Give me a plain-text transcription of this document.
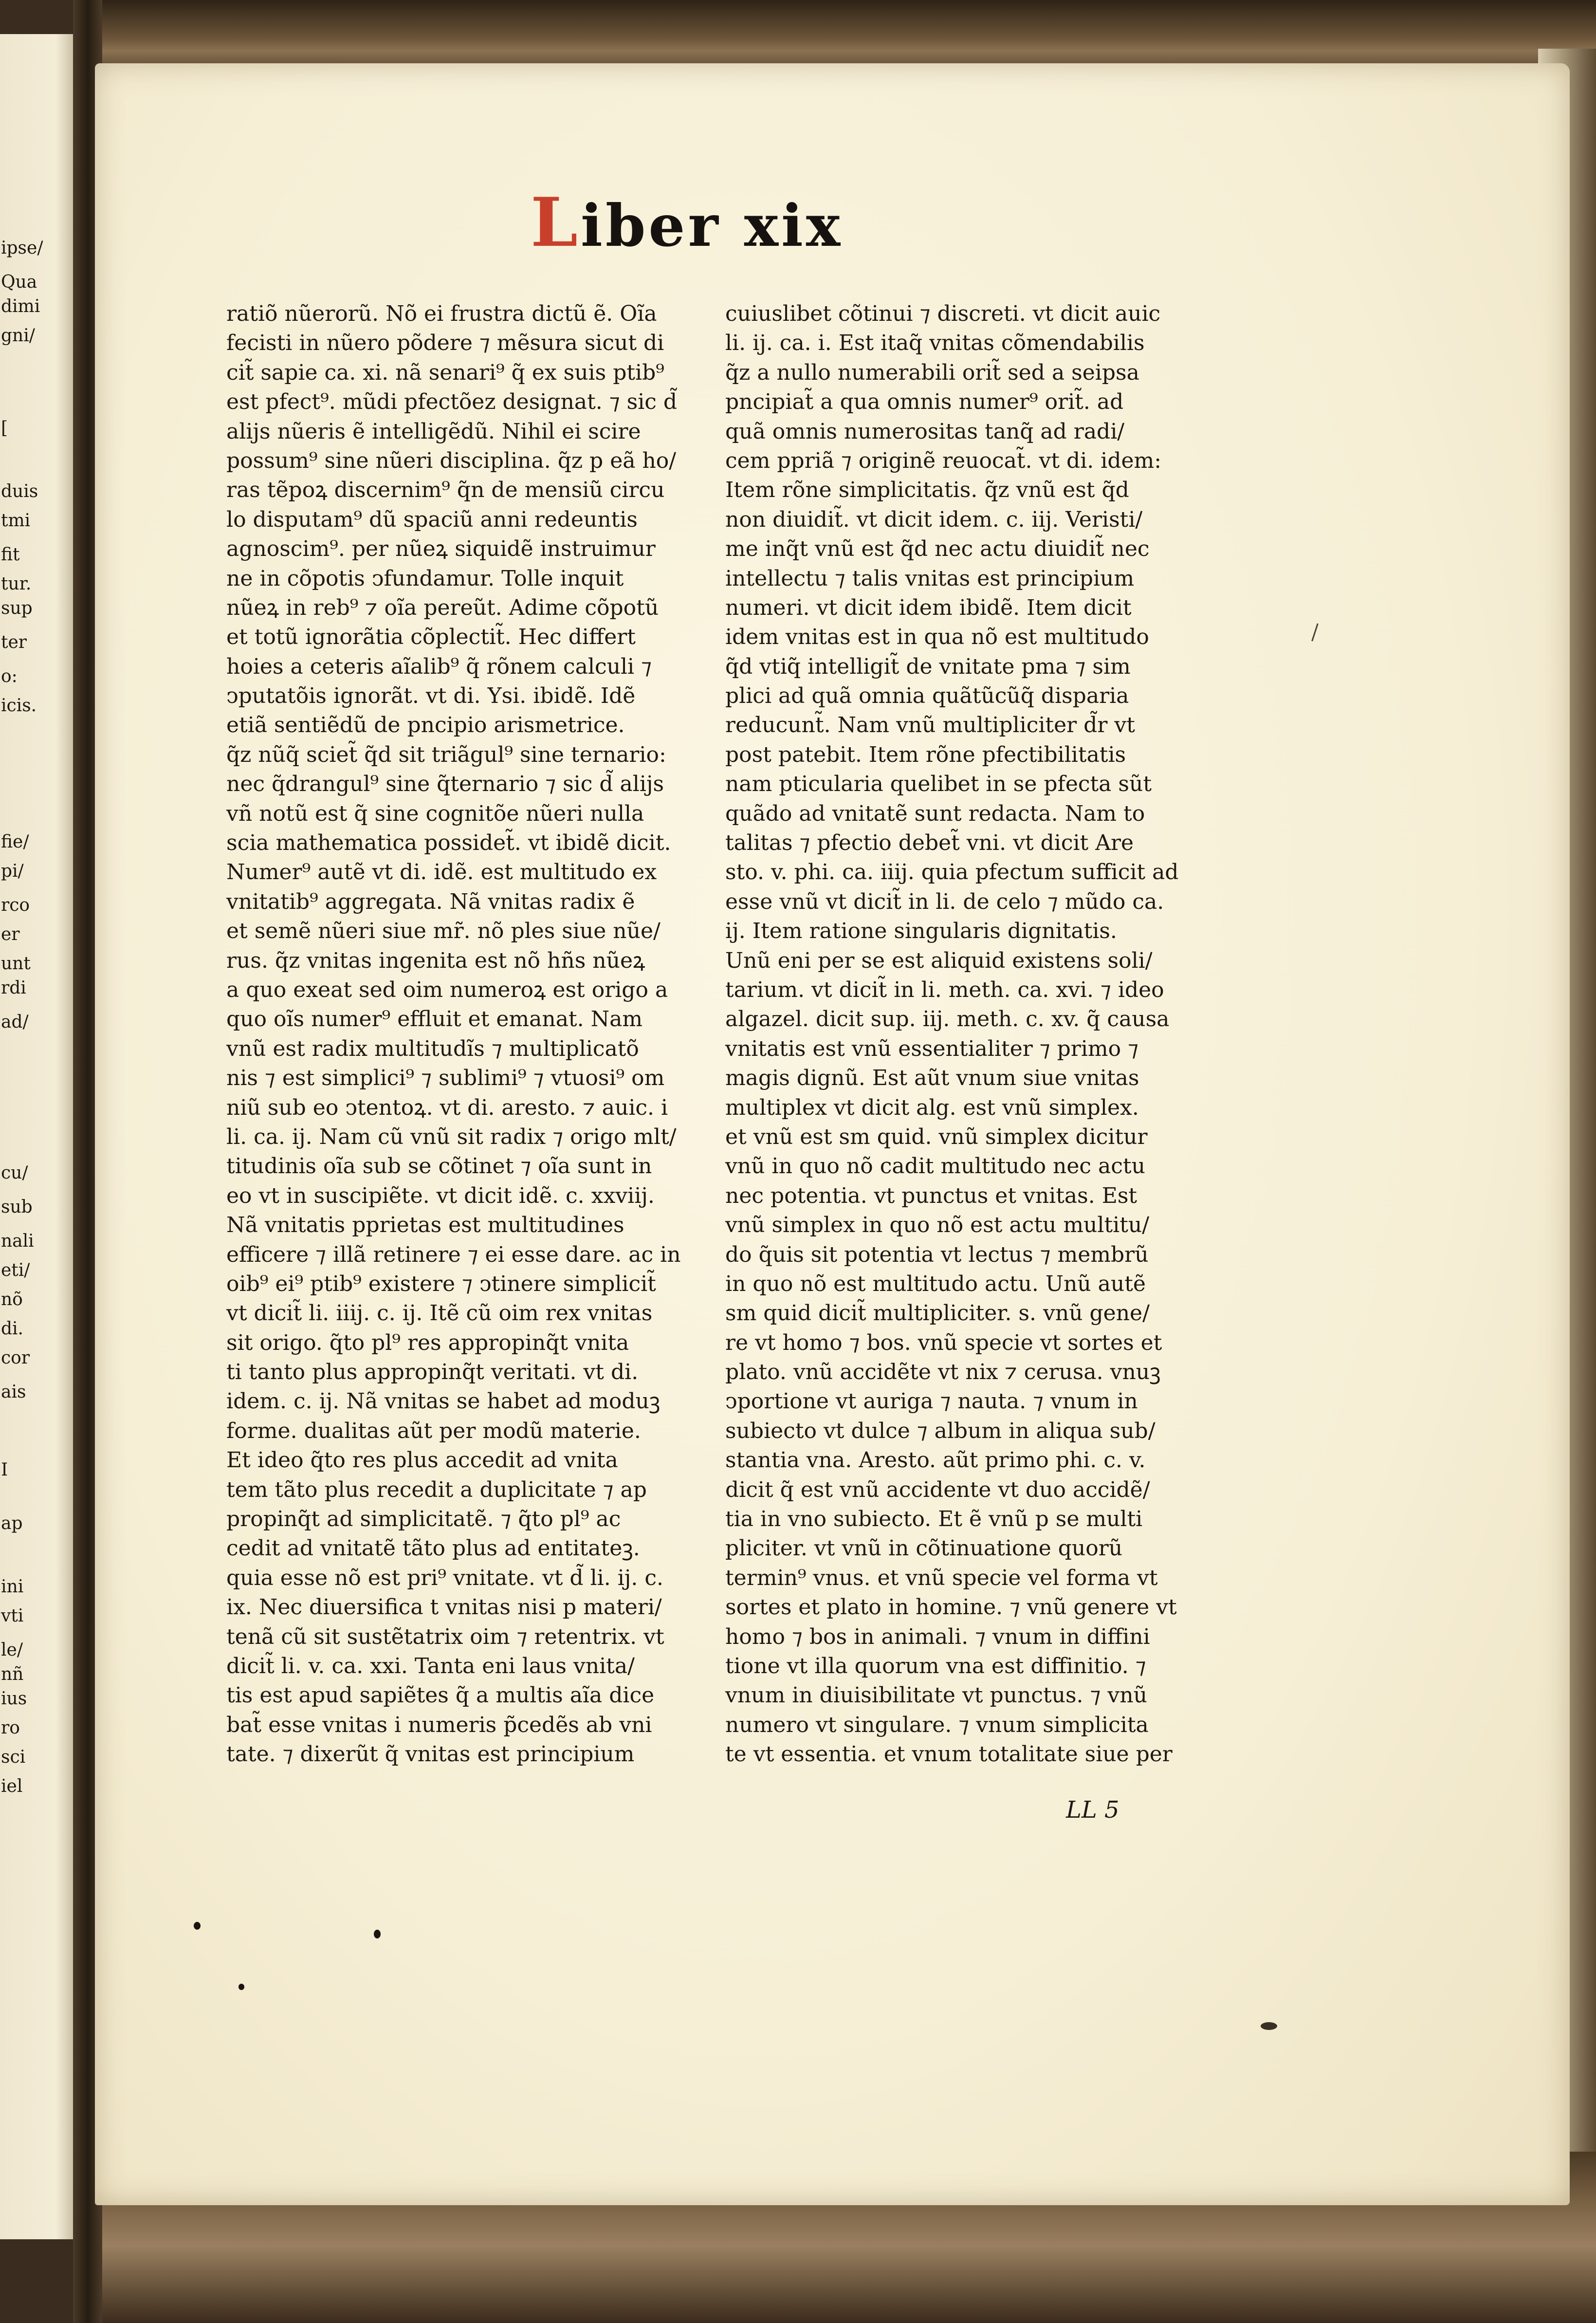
ipse/
Qua
dimi
gni/
[
duis
tmi
fit
tur.
sup
ter
o:
icis.
fie/
pi/
rco
er
unt
rdi
ad/
cu/
sub
nali
eti/
nõ
di.
cor
ais
I
ap
ini
vti
le/
nñ
ius
ro
sci
iel
Liber xix
ratiõ nũerorũ. Nõ ei frustra dictũ ẽ. Oĩa
fecisti in nũero põdere ⁊ mẽsura sicut di
cit̃ sapie ca. xi. nã senari⁹ q̃ ex suis ptib⁹
est pfect⁹. mũdi pfectõez designat. ⁊ sic d̃
alijs nũeris ẽ intelligẽdũ. Nihil ei scire
possum⁹ sine nũeri disciplina. q̃z p eã ho/
ras tẽpoꝝ discernim⁹ q̃n de mensiũ circu
lo disputam⁹ dũ spaciũ anni redeuntis
agnoscim⁹. per nũeꝝ siquidẽ instruimur
ne in cõpotis ↄfundamur. Tolle inquit
nũeꝝ in reb⁹ ⁊ oĩa pereũt. Adime cõpotũ
et totũ ignorãtia cõplectit̃. Hec differt
hoies a ceteris aĩalib⁹ q̃ rõnem calculi ⁊
ↄputatõis ignorãt. vt di. Ysi. ibidẽ. Idẽ
etiã sentiẽdũ de pncipio arismetrice.
q̃z nũq̃ sciet̃ q̃d sit triãgul⁹ sine ternario:
nec q̃drangul⁹ sine q̃ternario ⁊ sic d̃ alijs
vñ notũ est q̃ sine cognitõe nũeri nulla
scia mathematica possidet̃. vt ibidẽ dicit.
Numer⁹ autẽ vt di. idẽ. est multitudo ex
vnitatib⁹ aggregata. Nã vnitas radix ẽ
et semẽ nũeri siue mr̃. nõ ples siue nũe/
rus. q̃z vnitas ingenita est nõ hñs nũeꝝ
a quo exeat sed oim numeroꝝ est origo a
quo oĩs numer⁹ effluit et emanat. Nam
vnũ est radix multitudĩs ⁊ multiplicatõ
nis ⁊ est simplici⁹ ⁊ sublimi⁹ ⁊ vtuosi⁹ om
niũ sub eo ↄtentoꝝ. vt di. aresto. ⁊ auic. i
li. ca. ij. Nam cũ vnũ sit radix ⁊ origo mlt/
titudinis oĩa sub se cõtinet ⁊ oĩa sunt in
eo vt in suscipiẽte. vt dicit idẽ. c. xxviij.
Nã vnitatis pprietas est multitudines
efficere ⁊ illã retinere ⁊ ei esse dare. ac in
oib⁹ ei⁹ ptib⁹ existere ⁊ ↄtinere simplicit̃
vt dicit̃ li. iiij. c. ij. Itẽ cũ oim rex vnitas
sit origo. q̃to pl⁹ res appropinq̃t vnita
ti tanto plus appropinq̃t veritati. vt di.
idem. c. ij. Nã vnitas se habet ad moduꝫ
forme. dualitas aũt per modũ materie.
Et ideo q̃to res plus accedit ad vnita
tem tãto plus recedit a duplicitate ⁊ ap
propinq̃t ad simplicitatẽ. ⁊ q̃to pl⁹ ac
cedit ad vnitatẽ tãto plus ad entitateꝫ.
quia esse nõ est pri⁹ vnitate. vt d̃ li. ij. c.
ix. Nec diuersifica t vnitas nisi p materi/
tenã cũ sit sustẽtatrix oim ⁊ retentrix. vt
dicit̃ li. v. ca. xxi. Tanta eni laus vnita/
tis est apud sapiẽtes q̃ a multis aĩa dice
bat̃ esse vnitas i numeris p̃cedẽs ab vni
tate. ⁊ dixerũt q̃ vnitas est principium
cuiuslibet cõtinui ⁊ discreti. vt dicit auic
li. ij. ca. i. Est itaq̃ vnitas cõmendabilis
q̃z a nullo numerabili orit̃ sed a seipsa
pncipiat̃ a qua omnis numer⁹ orit̃. ad
quã omnis numerositas tanq̃ ad radi/
cem ppriã ⁊ originẽ reuocat̃. vt di. idem:
Item rõne simplicitatis. q̃z vnũ est q̃d
non diuidit̃. vt dicit idem. c. iij. Veristi/
me inq̃t vnũ est q̃d nec actu diuidit̃ nec
intellectu ⁊ talis vnitas est principium
numeri. vt dicit idem ibidẽ. Item dicit
idem vnitas est in qua nõ est multitudo
q̃d vtiq̃ intelligit̃ de vnitate pma ⁊ sim
plici ad quã omnia quãtũcũq̃ disparia
reducunt̃. Nam vnũ multipliciter d̃r vt
post patebit. Item rõne pfectibilitatis
nam pticularia quelibet in se pfecta sũt
quãdo ad vnitatẽ sunt redacta. Nam to
talitas ⁊ pfectio debet̃ vni. vt dicit Are
sto. v. phi. ca. iiij. quia pfectum sufficit ad
esse vnũ vt dicit̃ in li. de celo ⁊ mũdo ca.
ij. Item ratione singularis dignitatis.
Unũ eni per se est aliquid existens soli/
tarium. vt dicit̃ in li. meth. ca. xvi. ⁊ ideo
algazel. dicit sup. iij. meth. c. xv. q̃ causa
vnitatis est vnũ essentialiter ⁊ primo ⁊
magis dignũ. Est aũt vnum siue vnitas
multiplex vt dicit alg. est vnũ simplex.
et vnũ est sm quid. vnũ simplex dicitur
vnũ in quo nõ cadit multitudo nec actu
nec potentia. vt punctus et vnitas. Est
vnũ simplex in quo nõ est actu multitu/
do q̃uis sit potentia vt lectus ⁊ membrũ
in quo nõ est multitudo actu. Unũ autẽ
sm quid dicit̃ multipliciter. s. vnũ gene/
re vt homo ⁊ bos. vnũ specie vt sortes et
plato. vnũ accidẽte vt nix ⁊ cerusa. vnuꝫ
ↄportione vt auriga ⁊ nauta. ⁊ vnum in
subiecto vt dulce ⁊ album in aliqua sub/
stantia vna. Aresto. aũt primo phi. c. v.
dicit q̃ est vnũ accidente vt duo accidẽ/
tia in vno subiecto. Et ẽ vnũ p se multi
pliciter. vt vnũ in cõtinuatione quorũ
termin⁹ vnus. et vnũ specie vel forma vt
sortes et plato in homine. ⁊ vnũ genere vt
homo ⁊ bos in animali. ⁊ vnum in diffini
tione vt illa quorum vna est diffinitio. ⁊
vnum in diuisibilitate vt punctus. ⁊ vnũ
numero vt singulare. ⁊ vnum simplicita
te vt essentia. et vnum totalitate siue per
LL 5
